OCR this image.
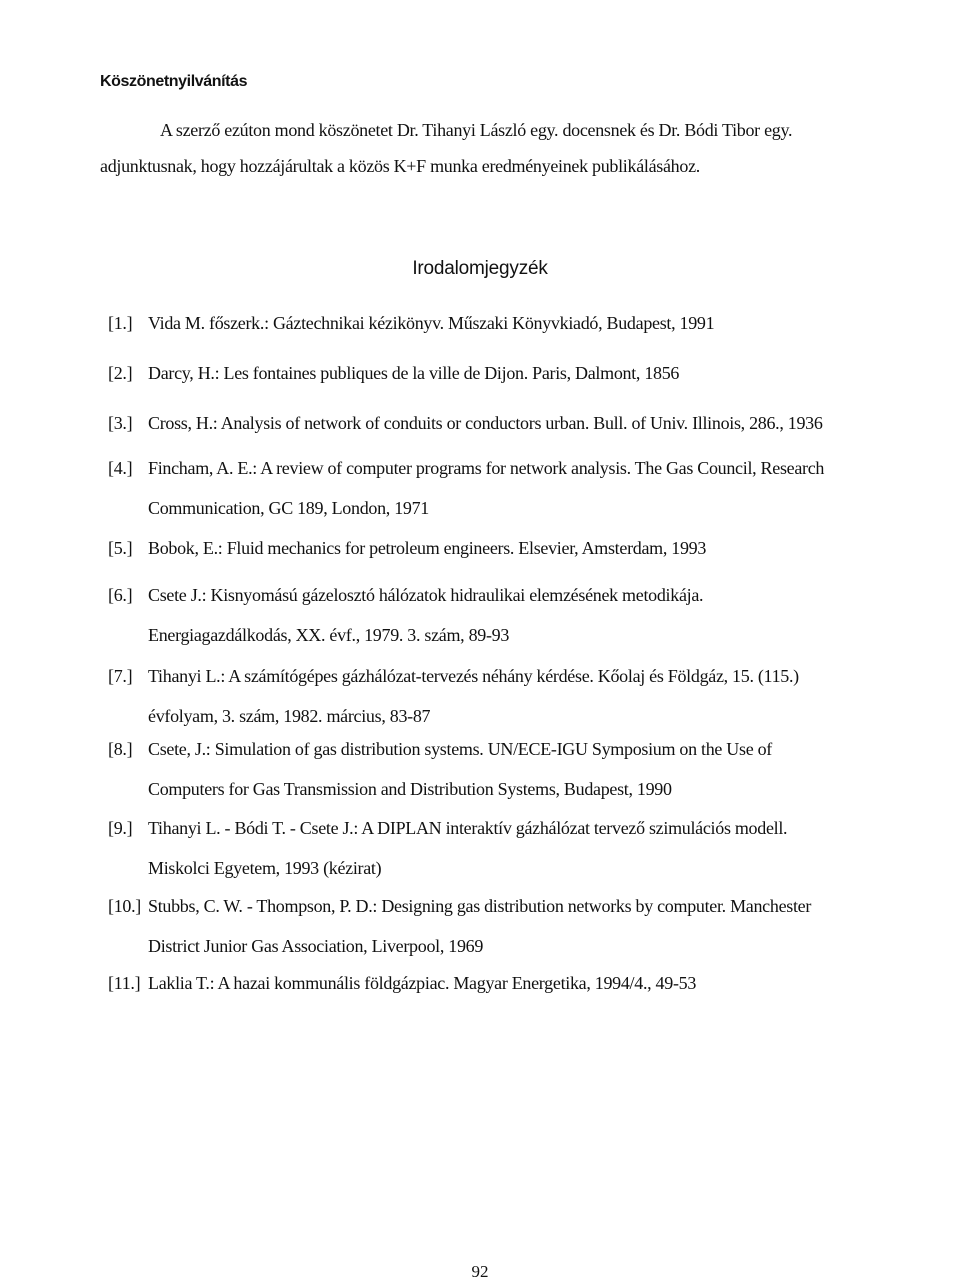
Köszönetnyilvánítás
A szerző ezúton mond köszönetet Dr. Tihanyi László egy. docensnek és Dr. Bódi Tibor egy.
adjunktusnak, hogy hozzájárultak a közös K+F munka eredményeinek publikálásához.
Irodalomjegyzék
[1.] Vida M. főszerk.: Gáztechnikai kézikönyv. Műszaki Könyvkiadó, Budapest, 1991
[2.] Darcy, H.: Les fontaines publiques de la ville de Dijon. Paris, Dalmont, 1856
[3.] Cross, H.: Analysis of network of conduits or conductors urban. Bull. of Univ. Illinois, 286., 1936
[4.] Fincham, A. E.: A review of computer programs for network analysis. The Gas Council, Research
Communication, GC 189, London, 1971
[5.] Bobok, E.: Fluid mechanics for petroleum engineers. Elsevier, Amsterdam, 1993
[6.] Csete J.: Kisnyomású gázelosztó hálózatok hidraulikai elemzésének metodikája.
Energiagazdálkodás, XX. évf., 1979. 3. szám, 89-93
[7.] Tihanyi L.: A számítógépes gázhálózat-tervezés néhány kérdése. Kőolaj és Földgáz, 15. (115.)
évfolyam, 3. szám, 1982. március, 83-87
[8.] Csete, J.: Simulation of gas distribution systems. UN/ECE-IGU Symposium on the Use of
Computers for Gas Transmission and Distribution Systems, Budapest, 1990
[9.] Tihanyi L. - Bódi T. - Csete J.: A DIPLAN interaktív gázhálózat tervező szimulációs modell.
Miskolci Egyetem, 1993 (kézirat)
[10.] Stubbs, C. W. - Thompson, P. D.: Designing gas distribution networks by computer. Manchester
District Junior Gas Association, Liverpool, 1969
[11.] Laklia T.: A hazai kommunális földgázpiac. Magyar Energetika, 1994/4., 49-53
92
